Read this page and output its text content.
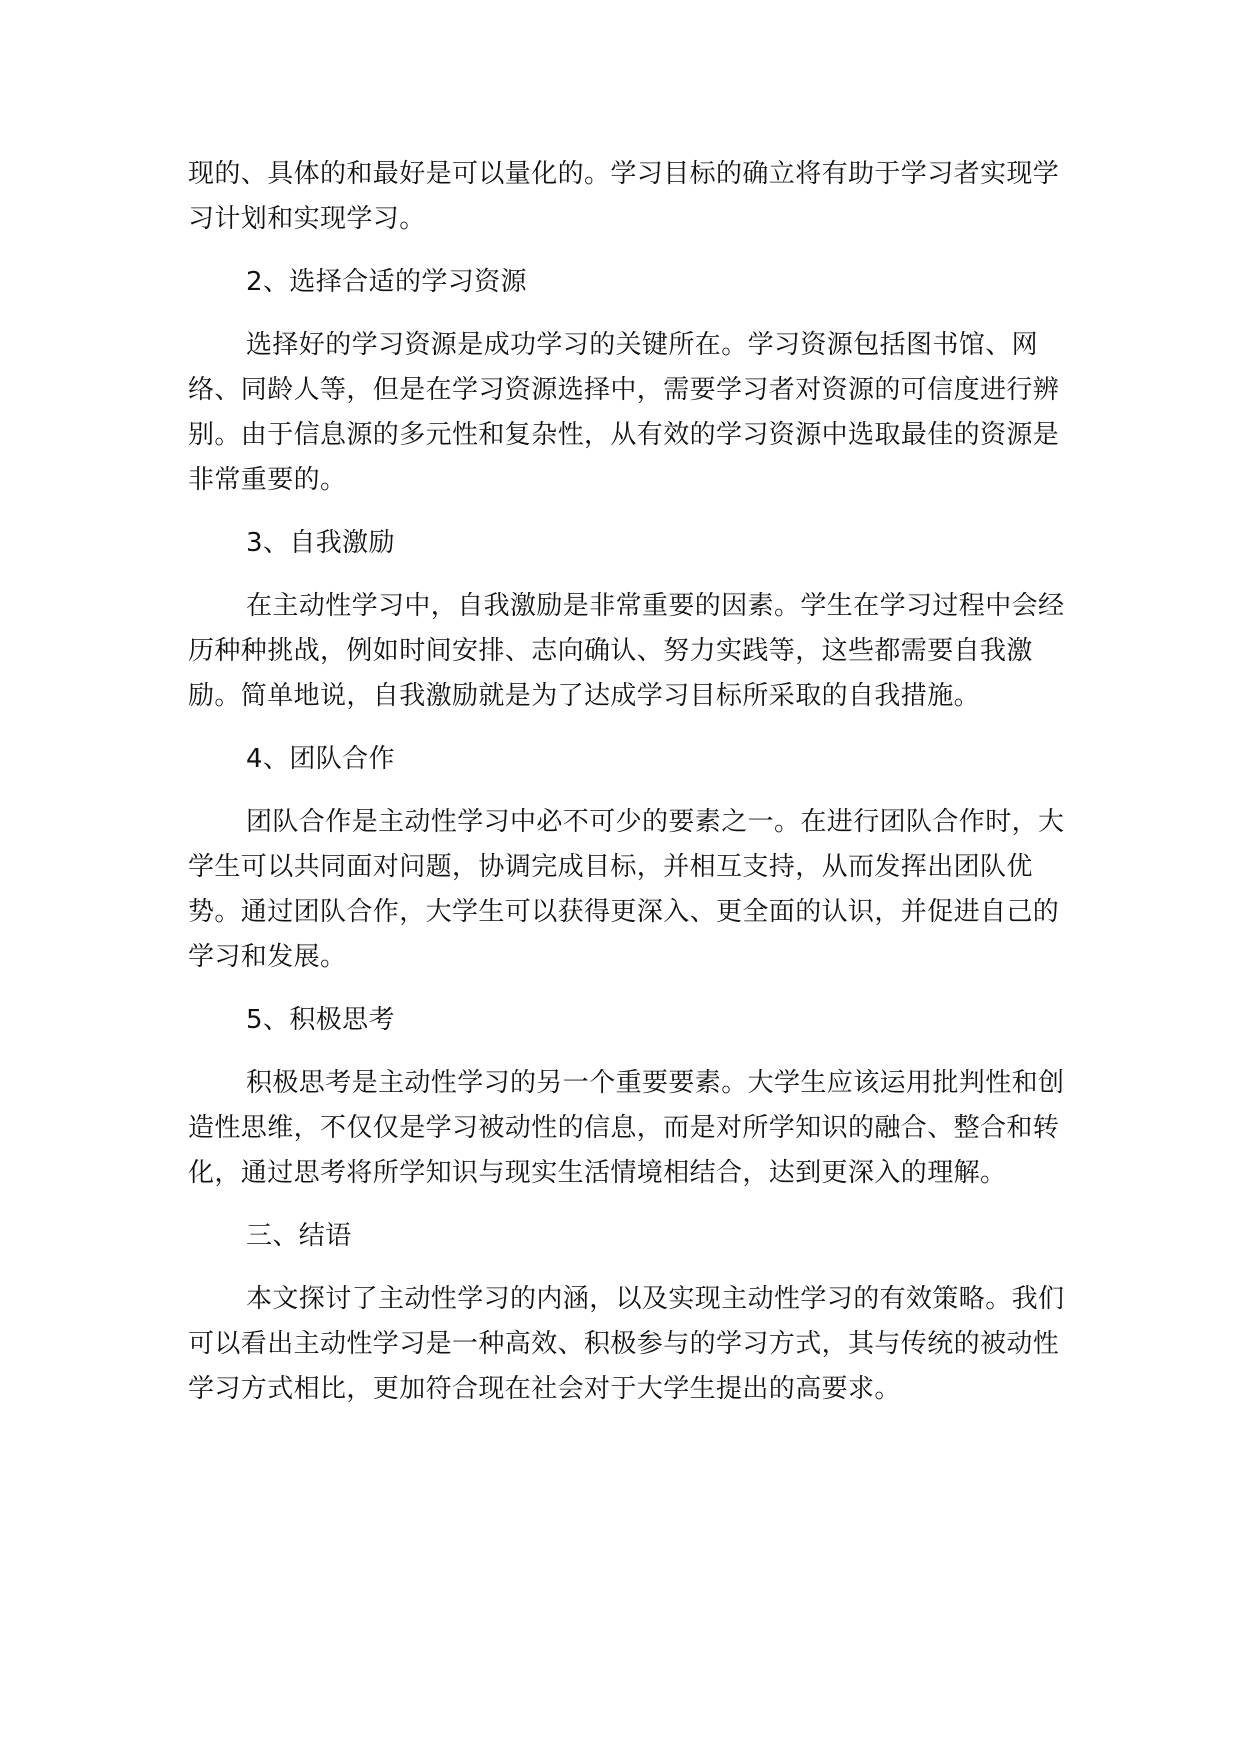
现的、具体的和最好是可以量化的。学习目标的确立将有助于学习者实现学习计划和实现学习。

2、选择合适的学习资源

选择好的学习资源是成功学习的关键所在。学习资源包括图书馆、网络、同龄人等，但是在学习资源选择中，需要学习者对资源的可信度进行辨别。由于信息源的多元性和复杂性，从有效的学习资源中选取最佳的资源是非常重要的。

3、自我激励

在主动性学习中，自我激励是非常重要的因素。学生在学习过程中会经历种种挑战，例如时间安排、志向确认、努力实践等，这些都需要自我激励。简单地说，自我激励就是为了达成学习目标所采取的自我措施。

4、团队合作

团队合作是主动性学习中必不可少的要素之一。在进行团队合作时，大学生可以共同面对问题，协调完成目标，并相互支持，从而发挥出团队优势。通过团队合作，大学生可以获得更深入、更全面的认识，并促进自己的学习和发展。

5、积极思考

积极思考是主动性学习的另一个重要要素。大学生应该运用批判性和创造性思维，不仅仅是学习被动性的信息，而是对所学知识的融合、整合和转化，通过思考将所学知识与现实生活情境相结合，达到更深入的理解。

三、结语

本文探讨了主动性学习的内涵，以及实现主动性学习的有效策略。我们可以看出主动性学习是一种高效、积极参与的学习方式，其与传统的被动性学习方式相比，更加符合现在社会对于大学生提出的高要求。
